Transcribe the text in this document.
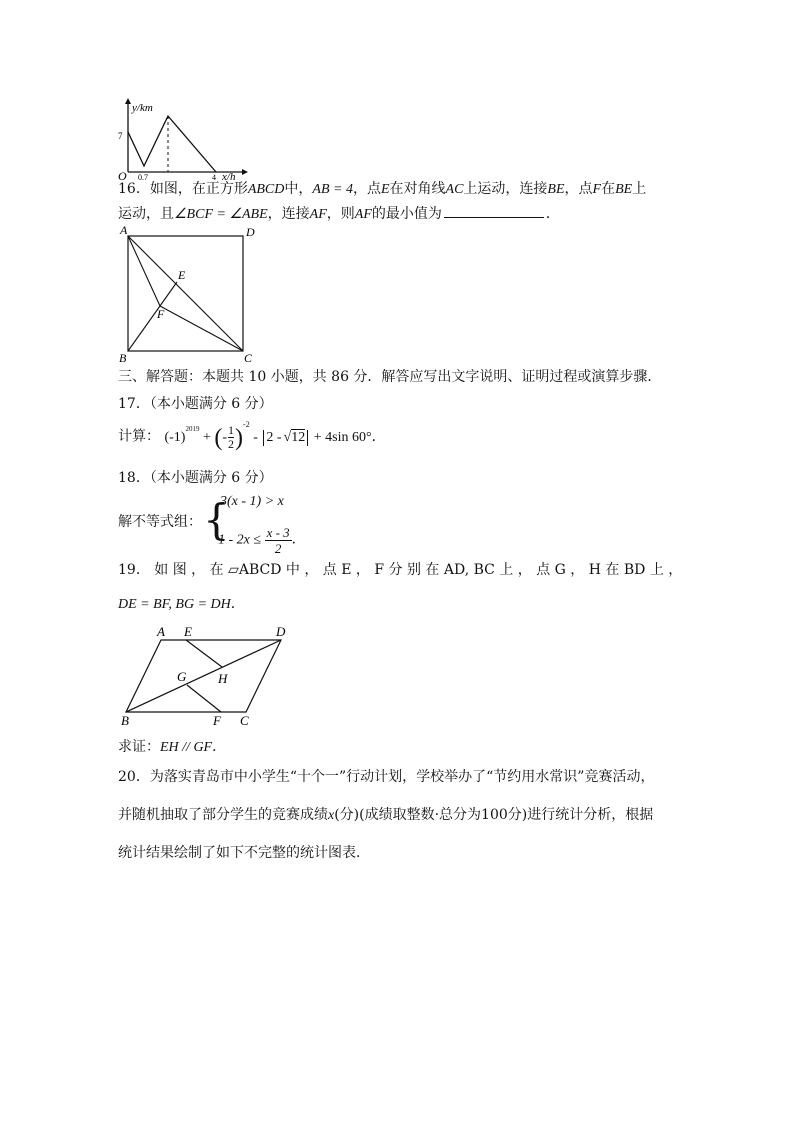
y/km
x/h
7
0.7	4
O
16．如图，在正方形ABCD中，AB = 4，点E在对角线AC上运动，连接BE，点F在BE上
运动，且∠BCF = ∠ABE，连接AF，则AF的最小值为	．
A	D
B	C
E
F
三、解答题：本题共 10 小题，共 86 分．解答应写出文字说明、证明过程或演算步骤．
17．（本小题满分 6 分）
计算： $(-1)^{2019}$ + (- $\frac{1}{2} )^{-2} - 2 - √12 + 4\sin$ 60°．
18．（本小题满分 6 分）
解不等式组： {
3(x - 1) > x
$1 - 2x \le \frac{x - 3}{2}$ ．
19． 如 图 ， 在 ▱ABCD 中 ， 点 E ， F 分 别 在 AD, BC 上 ， 点 G ， H 在 BD 上 ，
DE = BF, BG = DH．
A E	D
G H
B	F C
求证：EH // GF．
20．为落实青岛市中小学生“十个一”行动计划，学校举办了“节约用水常识”竞赛活动，
并随机抽取了部分学生的竞赛成绩x(分)(成绩取整数·总分为100分)进行统计分析，根据
统计结果绘制了如下不完整的统计图表．
